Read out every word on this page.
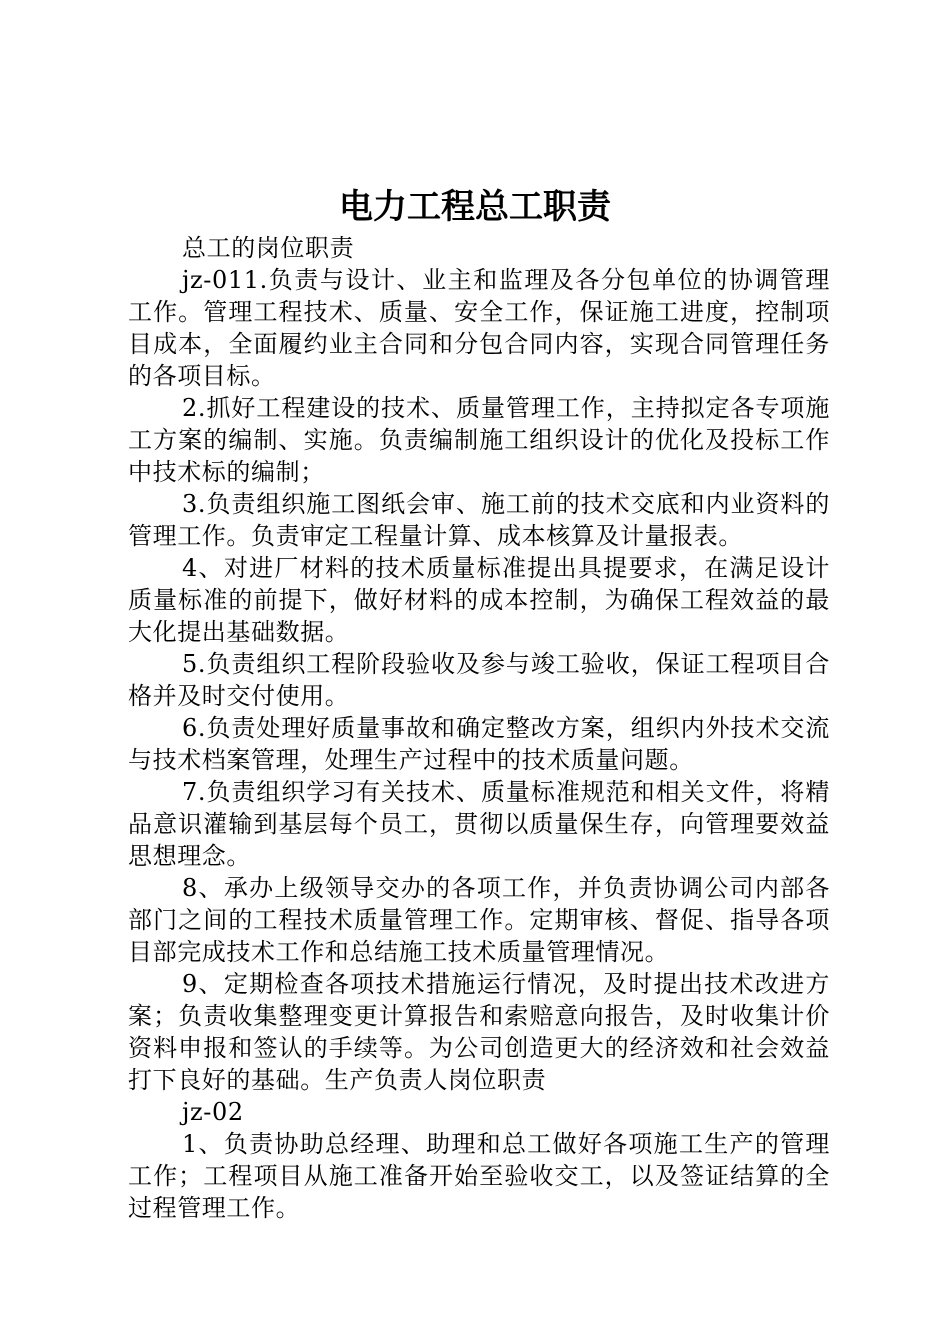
电力工程总工职责

总工的岗位职责

jz-011.负责与设计、业主和监理及各分包单位的协调管理工作。管理工程技术、质量、安全工作，保证施工进度，控制项目成本，全面履约业主合同和分包合同内容，实现合同管理任务的各项目标。

2.抓好工程建设的技术、质量管理工作，主持拟定各专项施工方案的编制、实施。负责编制施工组织设计的优化及投标工作中技术标的编制；

3.负责组织施工图纸会审、施工前的技术交底和内业资料的管理工作。负责审定工程量计算、成本核算及计量报表。

4、对进厂材料的技术质量标准提出具提要求，在满足设计质量标准的前提下，做好材料的成本控制，为确保工程效益的最大化提出基础数据。

5.负责组织工程阶段验收及参与竣工验收，保证工程项目合格并及时交付使用。

6.负责处理好质量事故和确定整改方案，组织内外技术交流与技术档案管理，处理生产过程中的技术质量问题。

7.负责组织学习有关技术、质量标准规范和相关文件，将精品意识灌输到基层每个员工，贯彻以质量保生存，向管理要效益思想理念。

8、承办上级领导交办的各项工作，并负责协调公司内部各部门之间的工程技术质量管理工作。定期审核、督促、指导各项目部完成技术工作和总结施工技术质量管理情况。

9、定期检查各项技术措施运行情况，及时提出技术改进方案；负责收集整理变更计算报告和索赔意向报告，及时收集计价资料申报和签认的手续等。为公司创造更大的经济效和社会效益打下良好的基础。生产负责人岗位职责

jz-02

1、负责协助总经理、助理和总工做好各项施工生产的管理工作；工程项目从施工准备开始至验收交工，以及签证结算的全过程管理工作。
